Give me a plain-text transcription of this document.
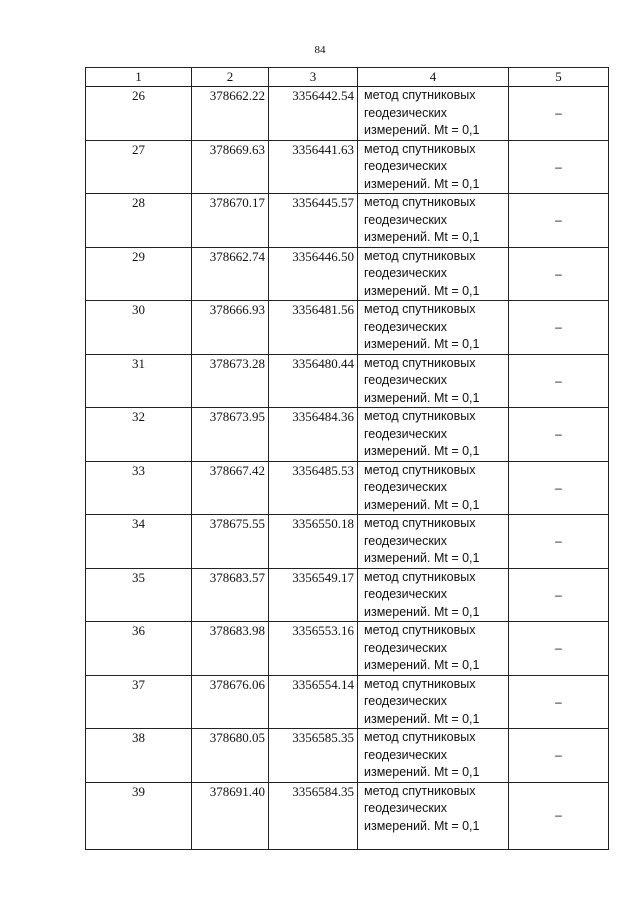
84
1	2	3	4	5
26	378662.22	3356442.54	метод спутниковых
геодезических
измерений. Mt = 0,1	–
27	378669.63	3356441.63	метод спутниковых
геодезических
измерений. Mt = 0,1	–
28	378670.17	3356445.57	метод спутниковых
геодезических
измерений. Mt = 0,1	–
29	378662.74	3356446.50	метод спутниковых
геодезических
измерений. Mt = 0,1	–
30	378666.93	3356481.56	метод спутниковых
геодезических
измерений. Mt = 0,1	–
31	378673.28	3356480.44	метод спутниковых
геодезических
измерений. Mt = 0,1	–
32	378673.95	3356484.36	метод спутниковых
геодезических
измерений. Mt = 0,1	–
33	378667.42	3356485.53	метод спутниковых
геодезических
измерений. Mt = 0,1	–
34	378675.55	3356550.18	метод спутниковых
геодезических
измерений. Mt = 0,1	–
35	378683.57	3356549.17	метод спутниковых
геодезических
измерений. Mt = 0,1	–
36	378683.98	3356553.16	метод спутниковых
геодезических
измерений. Mt = 0,1	–
37	378676.06	3356554.14	метод спутниковых
геодезических
измерений. Mt = 0,1	–
38	378680.05	3356585.35	метод спутниковых
геодезических
измерений. Mt = 0,1	–
39	378691.40	3356584.35	метод спутниковых
геодезических
измерений. Mt = 0,1	–
